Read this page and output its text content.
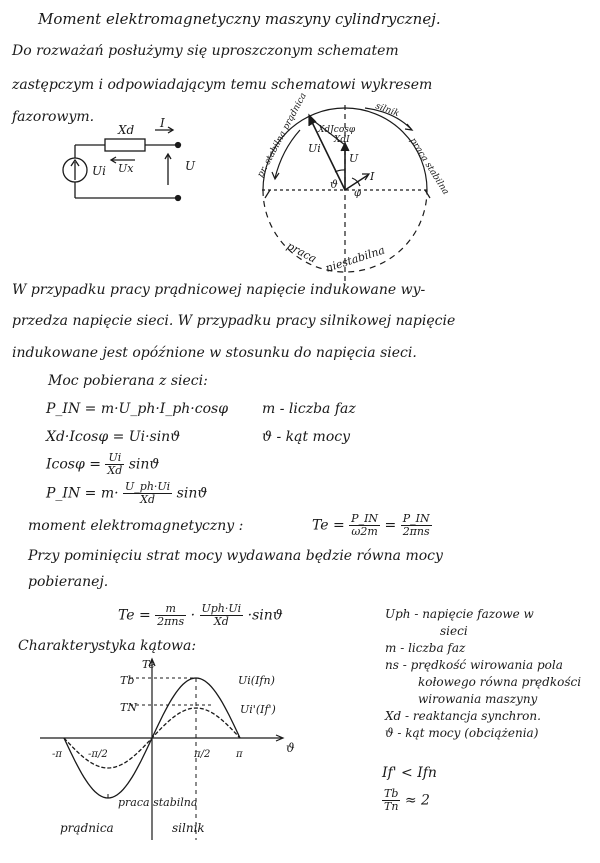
Moment elektromagnetyczny maszyny cylindrycznej.
Do rozważań posłużymy się uproszczonym schematem
zastępczym i odpowiadającym temu schematowi wykresem
fazorowym.
Xd I
Ux
Ui	U	pr. stabilna prądnica XdJcosφ
silnik
praca stabilna
Ui
XdI
U
ϑ
φ
I
praca niestabilna
W przypadku pracy prądnicowej napięcie indukowane wy-
przedza napięcie sieci. W przypadku pracy silnikowej napięcie
indukowane jest opóźnione w stosunku do napięcia sieci.
Moc pobierana z sieci:
P_IN = m·U_ph·I_ph·cosφ m - liczba faz
Xd·Icosφ = Ui·sinϑ	ϑ - kąt mocy
$Icos\varphi = \frac{Ui}{Xd}$ sinϑ
P_IN = $m\cdot \frac{U\_ph\cdot Ui}{Xd}$ sinϑ
moment elektromagnetyczny :	$Te = \frac{P\_IN}{\omega 2m} = \frac{P\_IN}{\text{2πns}}$
Przy pominięciu strat mocy wydawana będzie równa mocy
pobieranej.
$Te = \frac{m}{\text{2πns}} \cdot \frac{\text{Uph·Ui}}{Xd} \cdot\sin ϑ$	Uph - napięcie fazowe w
sieci
m - liczba faz
ns - prędkość wirowania pola
kołowego równa prędkości
wirowania maszyny
Xd - reaktancja synchron.
ϑ - kąt mocy (obciążenia)
Charakterystyka kątowa:
Te
ϑ
Tb
TN
-π	-π/2	π/2	π
Ui(Ifn)
Ui'(If')
praca stabilna
prądnica	silnik
If' < Ifn
$\frac{Tb}{Tn} \approx 2$
